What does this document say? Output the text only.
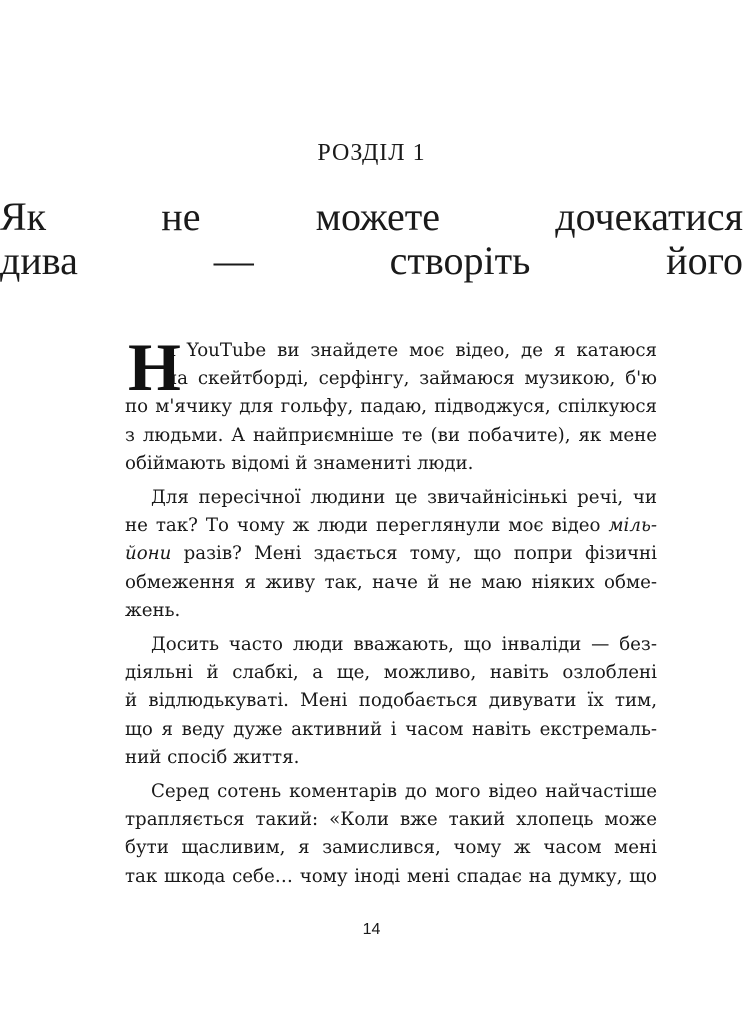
РОЗДІЛ 1
Як не можете дочекатися
дива — створіть його
Н
а YouTube ви знайдете моє відео, де я катаюся
на скейтборді, серфінгу, займаюся музикою, б'ю
по м'ячику для гольфу, падаю, підводжуся, спілкуюся
з людьми. А найприємніше те (ви побачите), як мене
обіймають відомі й знамениті люди.
Для пересічної людини це звичайнісінькі речі, чи
не так? То чому ж люди переглянули моє відео міль-
йони разів? Мені здається тому, що попри фізичні
обмеження я живу так, наче й не маю ніяких обме-
жень.
Досить часто люди вважають, що інваліди — без-
діяльні й слабкі, а ще, можливо, навіть озлоблені
й відлюдькуваті. Мені подобається дивувати їх тим,
що я веду дуже активний і часом навіть екстремаль-
ний спосіб життя.
Серед сотень коментарів до мого відео найчастіше
трапляється такий: «Коли вже такий хлопець може
бути щасливим, я замислився, чому ж часом мені
так шкода себе… чому іноді мені спадає на думку, що
14
